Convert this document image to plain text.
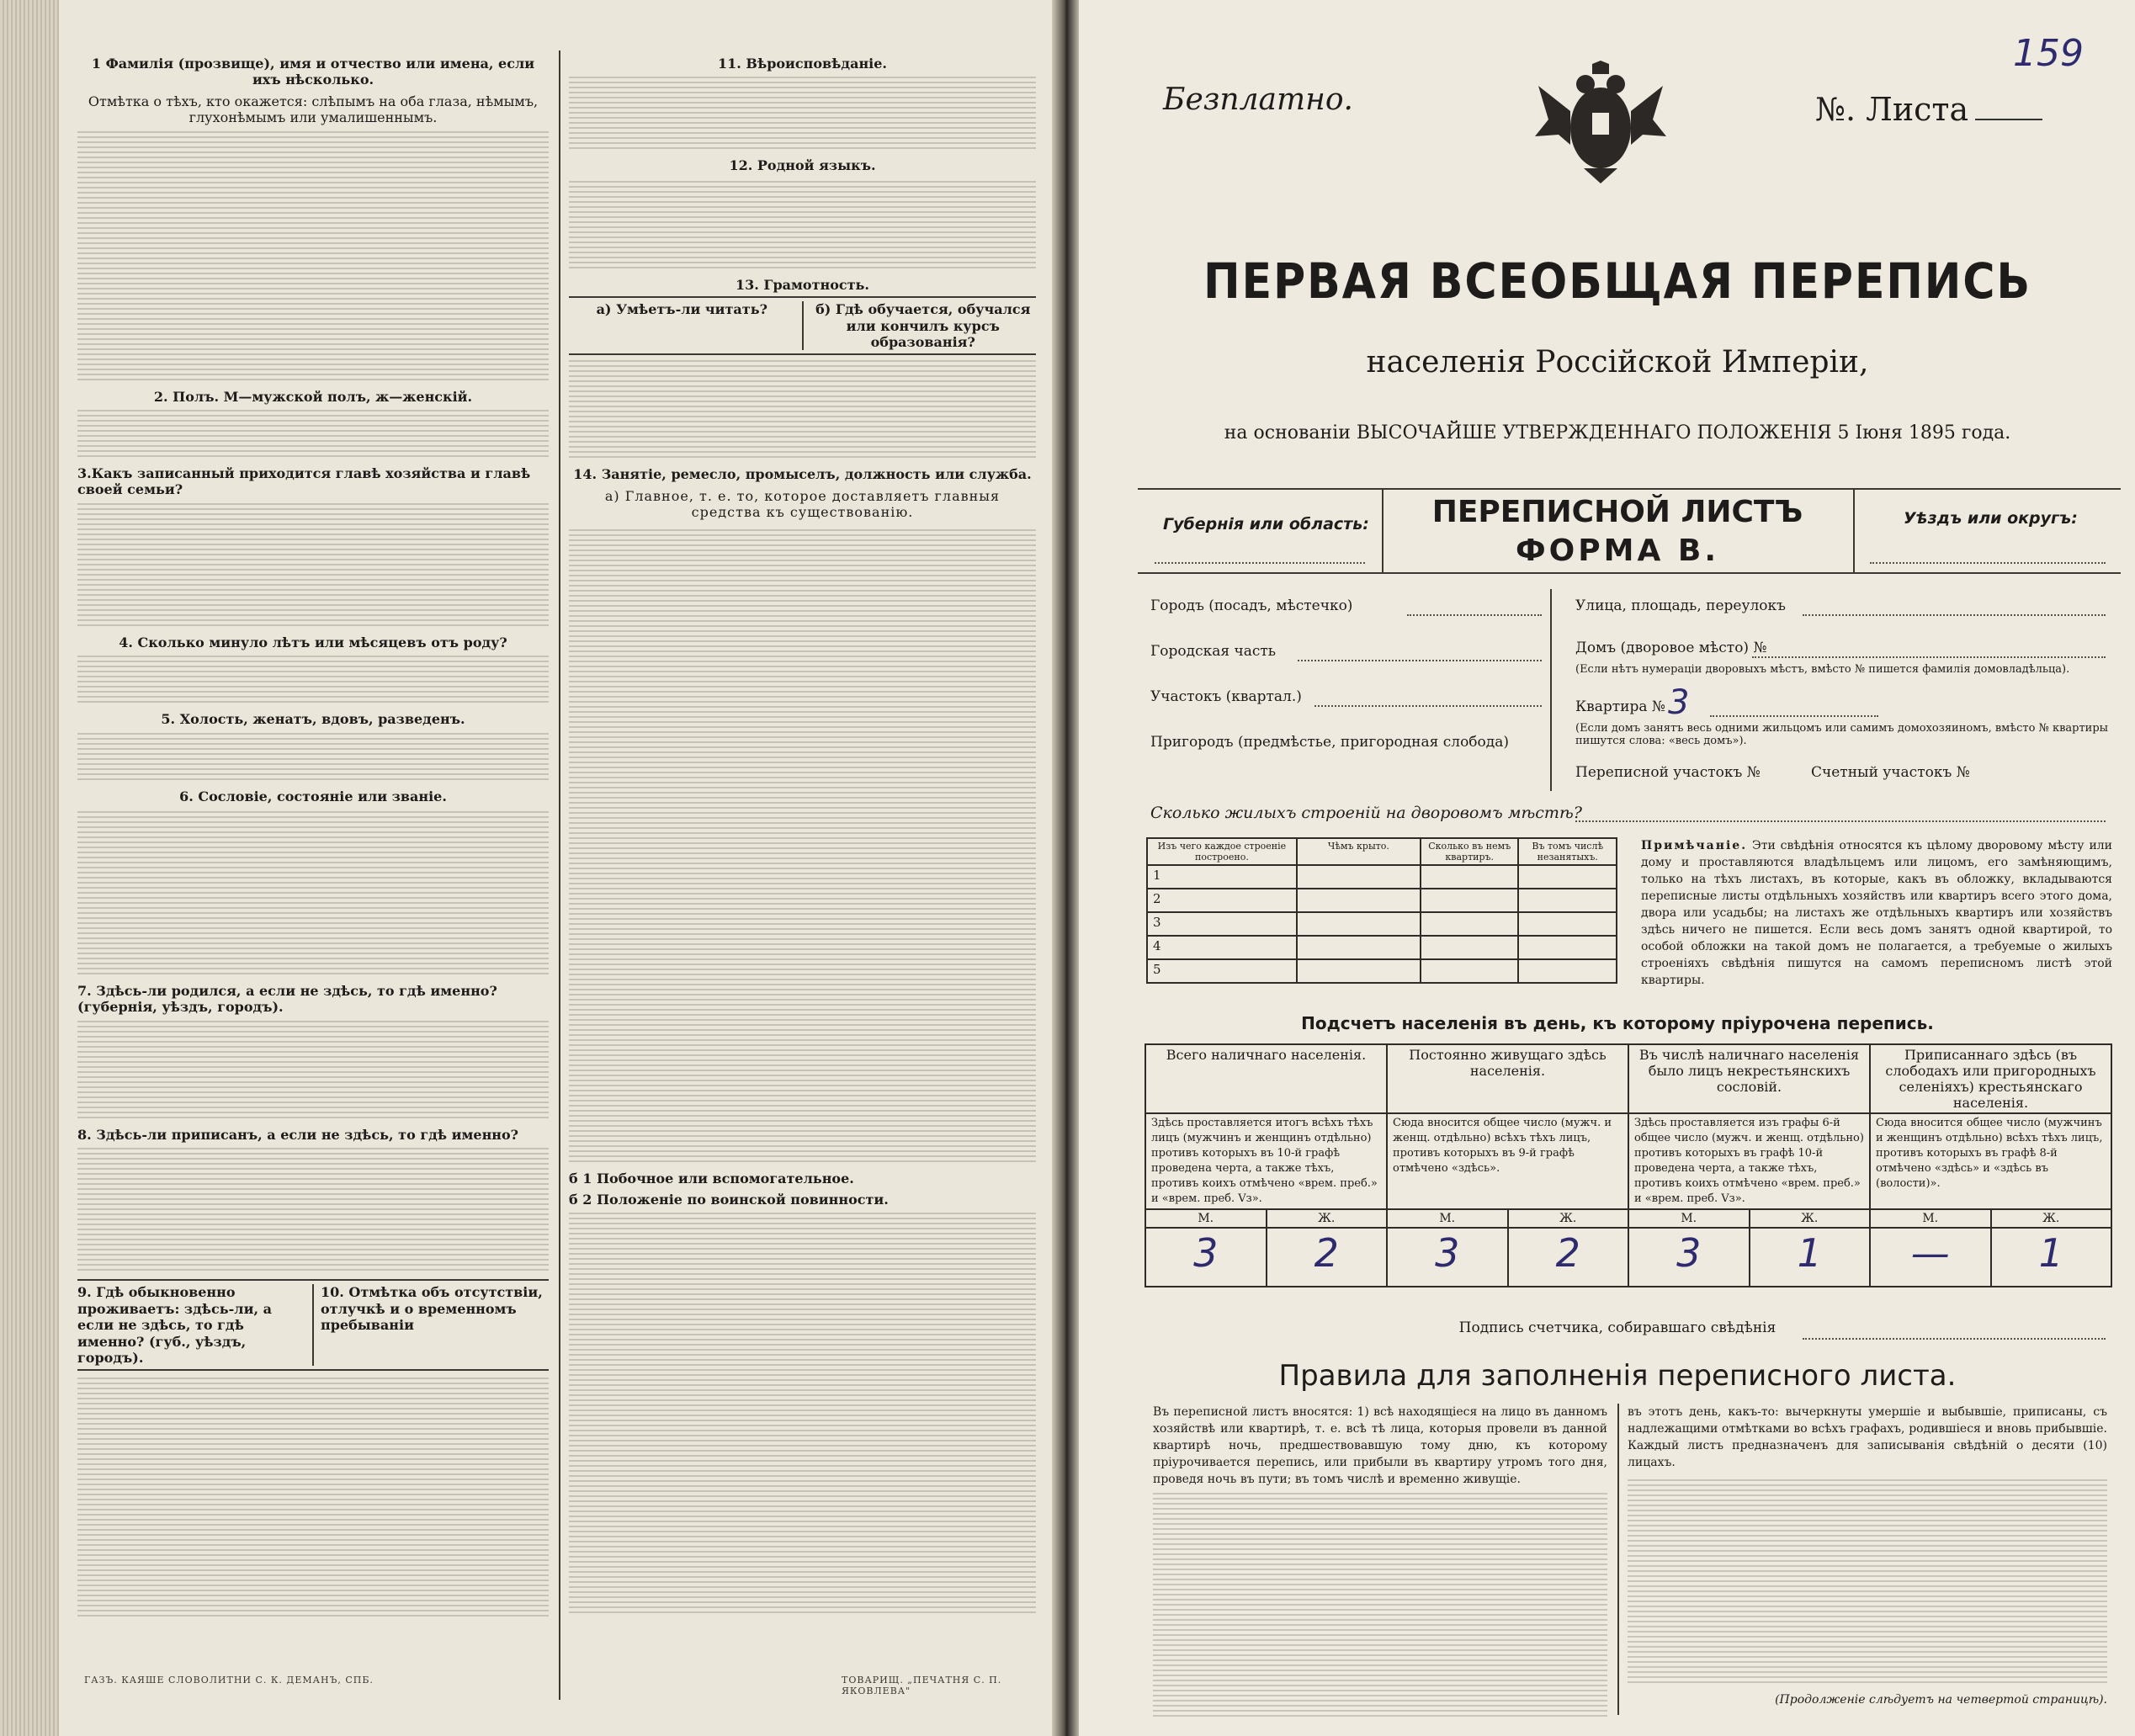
1 Фамилія (прозвище), имя и отчество или имена, если ихъ нѣсколько.
Отмѣтка о тѣхъ, кто окажется: слѣпымъ на оба глаза, нѣмымъ, глухонѣмымъ или умалишеннымъ.
2. Полъ. М—мужской полъ, ж—женскій.
3.Какъ записанный приходится главѣ хозяйства и главѣ своей семьи?
4. Сколько минуло лѣтъ или мѣсяцевъ отъ роду?
5. Холость, женатъ, вдовъ, разведенъ.
6. Сословіе, состояніе или званіе.
7. Здѣсь-ли родился, а если не здѣсь, то гдѣ именно? (губернія, уѣздъ, городъ).
8. Здѣсь-ли приписанъ, а если не здѣсь, то гдѣ именно?
9. Гдѣ обыкновенно проживаетъ: здѣсь-ли, а если не здѣсь, то гдѣ именно? (губ., уѣздъ, городъ).
10. Отмѣтка объ отсутствіи, отлучкѣ и о временномъ пребываніи
ГАЗЪ. КАЯШЕ СЛОВОЛИТНИ С. К. ДЕМАНЪ, СПБ.
11. Вѣроисповѣданіе.
12. Родной языкъ.
13. Грамотность.
a) Умѣетъ-ли читать?	б) Гдѣ обучается, обучался или кончилъ курсъ образованія?
14. Занятіе, ремесло, промыселъ, должность или служба.
а) Главное, т. е. то, которое доставляетъ главныя средства къ существованію.
б 1 Побочное или вспомогательное.
б 2 Положеніе по воинской повинности.
ТОВАРИЩ. „ПЕЧАТНЯ С. П. ЯКОВЛЕВА"
Безплатно.	№. Листа
159
ПЕРВАЯ ВСЕОБЩАЯ ПЕРЕПИСЬ
населенія Россійской Имперіи,
на основаніи ВЫСОЧАЙШЕ УТВЕРЖДЕННАГО ПОЛОЖЕНІЯ 5 Іюня 1895 года.
Губернія или область:	ПЕРЕПИСНОЙ ЛИСТЪ
ФОРМА В.
Уѣздъ или округъ:
Городъ (посадъ, мѣстечко)
Городская часть
Участокъ (квартал.)
Пригородъ (предмѣстье, пригородная слобода)
Улица, площадь, переулокъ
Домъ (дворовое мѣсто) №
(Если нѣтъ нумераціи дворовыхъ мѣстъ, вмѣсто № пишется фамилія домовладѣльца).
Квартира № 3
(Если домъ занятъ весь одними жильцомъ или самимъ домохозяиномъ, вмѣсто № квартиры пишутся слова: «весь домъ»).
Переписной участокъ №	Счетный участокъ №
Сколько жилыхъ строеній на дворовомъ мѣстѣ?
Изъ чего каждое строеніе построено.	Чѣмъ крыто.	Сколько въ немъ квартиръ.	Въ томъ числѣ незанятыхъ.
1			
2			
3			
4			
5			
Примѣчаніе. Эти свѣдѣнія относятся къ цѣлому дворовому мѣсту или дому и проставляются владѣльцемъ или лицомъ, его замѣняющимъ, только на тѣхъ листахъ, въ которые, какъ въ обложку, вкладываются переписные листы отдѣльныхъ хозяйствъ или квартиръ всего этого дома, двора или усадьбы; на листахъ же отдѣльныхъ квартиръ или хозяйствъ здѣсь ничего не пишется. Если весь домъ занятъ одной квартирой, то особой обложки на такой домъ не полагается, а требуемые о жилыхъ строеніяхъ свѣдѣнія пишутся на самомъ переписномъ листѣ этой квартиры.
Подсчетъ населенія въ день, къ которому пріурочена перепись.
Всего наличнаго населенія.		Постоянно живущаго здѣсь населенія.		Въ числѣ наличнаго населенія было лицъ некрестьянскихъ сословій.		Приписаннаго здѣсь (въ слободахъ или пригородныхъ селеніяхъ) крестьянскаго населенія.	
Здѣсь проставляется итогъ всѣхъ тѣхъ лицъ (мужчинъ и женщинъ отдѣльно) противъ которыхъ въ 10-й графѣ проведена черта, а также тѣхъ, противъ коихъ отмѣчено «врем. преб.» и «врем. преб. Vз».		Сюда вносится общее число (мужч. и женщ. отдѣльно) всѣхъ тѣхъ лицъ, противъ которыхъ въ 9-й графѣ отмѣчено «здѣсь».		Здѣсь проставляется изъ графы 6-й общее число (мужч. и женщ. отдѣльно) противъ которыхъ въ графѣ 10-й проведена черта, а также тѣхъ, противъ коихъ отмѣчено «врем. преб.» и «врем. преб. Vз».		Сюда вносится общее число (мужчинъ и женщинъ отдѣльно) всѣхъ тѣхъ лицъ, противъ которыхъ въ графѣ 8-й отмѣчено «здѣсь» и «здѣсь въ (волости)».	
М.	Ж.	М.	Ж.	М.	Ж.	М.	Ж.
3	2	3	2	3	1	—	1
Подпись счетчика, собиравшаго свѣдѣнія
Правила для заполненія переписного листа.
Въ переписной листъ вносятся: 1) всѣ находящіеся на лицо въ данномъ хозяйствѣ или квартирѣ, т. е. всѣ тѣ лица, которыя провели въ данной квартирѣ ночь, предшествовавшую тому дню, къ которому пріурочивается перепись, или прибыли въ квартиру утромъ того дня, проведя ночь въ пути; въ томъ числѣ и временно живущіе.
въ этотъ день, какъ-то: вычеркнуты умершіе и выбывшіе, приписаны, съ надлежащими отмѣтками во всѣхъ графахъ, родившіеся и вновь прибывшіе. Каждый листъ предназначенъ для записыванія свѣдѣній о десяти (10) лицахъ.
(Продолженіе слѣдуетъ на четвертой страницѣ).
